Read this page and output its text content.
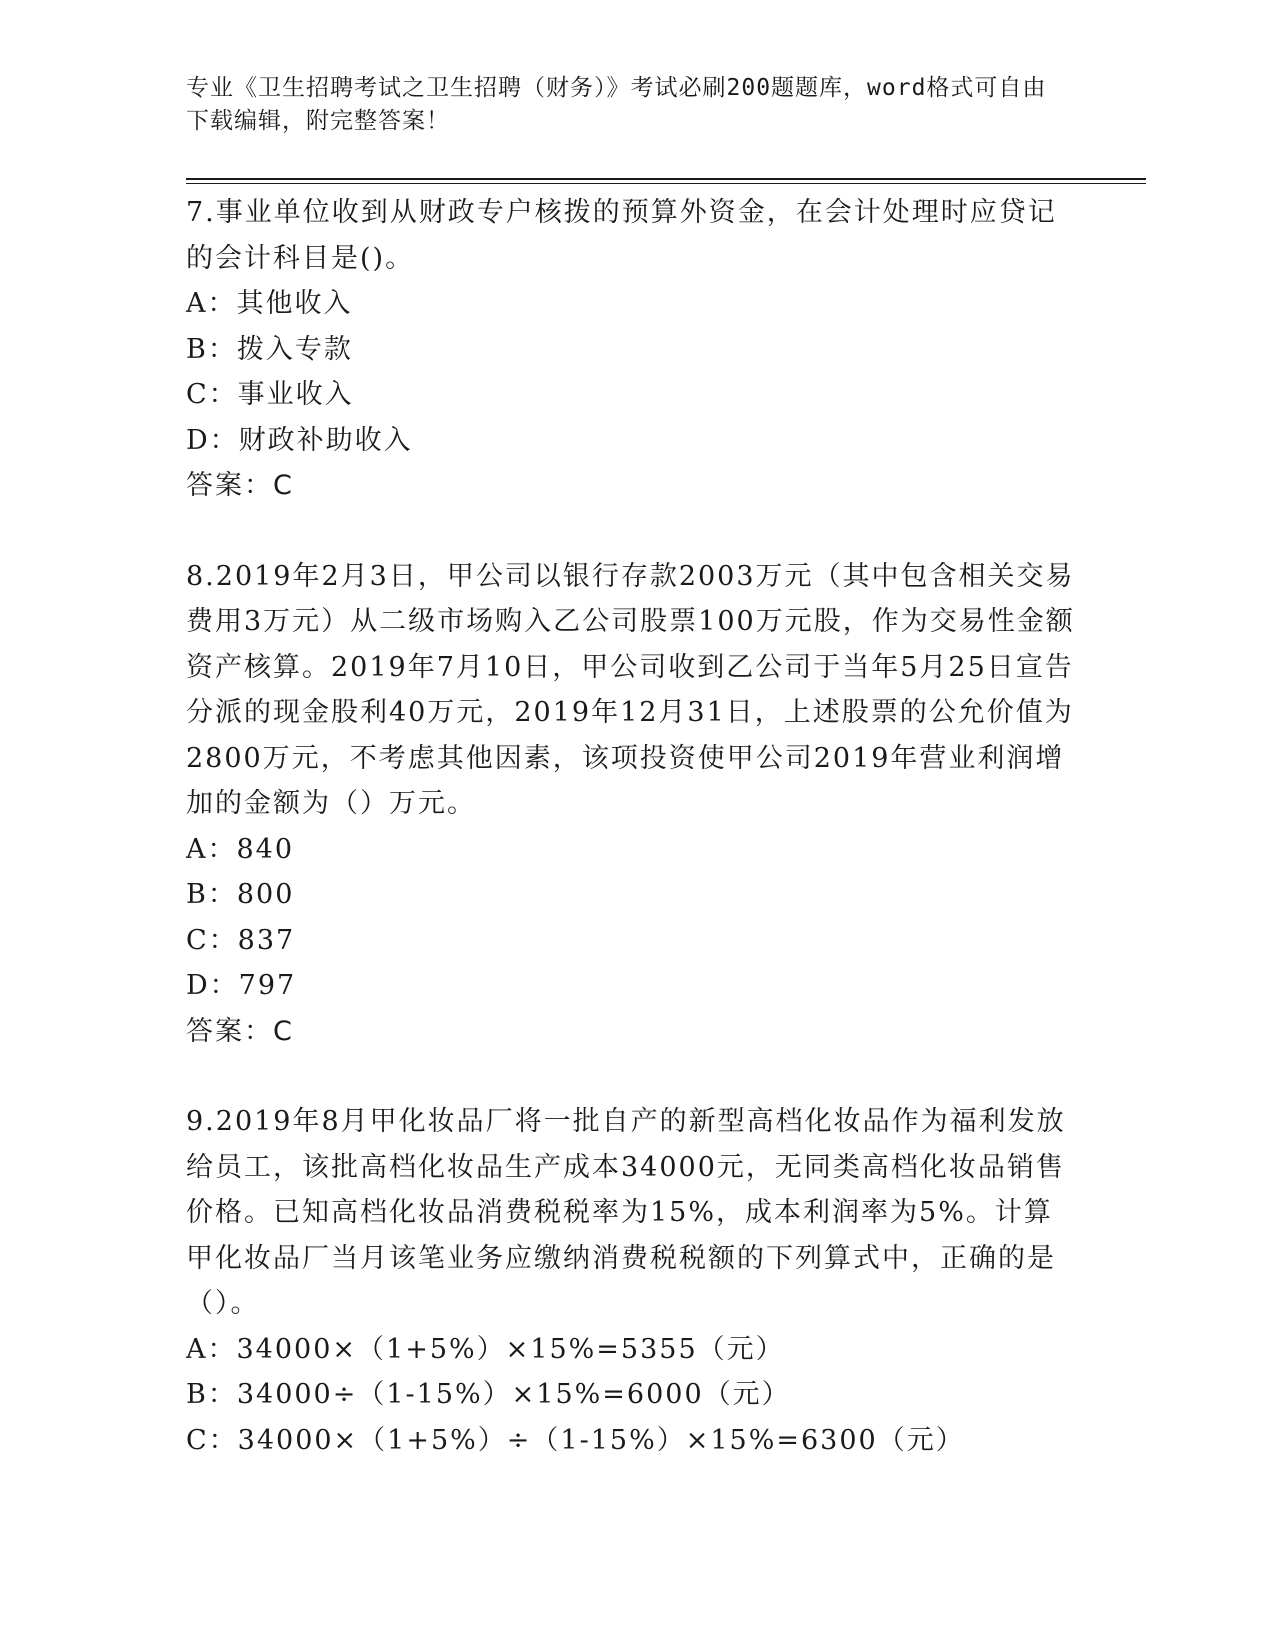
专业《卫生招聘考试之卫生招聘（财务）》考试必刷200题题库，word格式可自由下载编辑，附完整答案！

7.事业单位收到从财政专户核拨的预算外资金，在会计处理时应贷记的会计科目是()。

A：其他收入

B：拨入专款

C：事业收入

D：财政补助收入

答案：C

8.2019年2月3日，甲公司以银行存款2003万元（其中包含相关交易费用3万元）从二级市场购入乙公司股票100万元股，作为交易性金额资产核算。2019年7月10日，甲公司收到乙公司于当年5月25日宣告分派的现金股利40万元，2019年12月31日，上述股票的公允价值为2800万元，不考虑其他因素，该项投资使甲公司2019年营业利润增加的金额为（）万元。

A：840

B：800

C：837

D：797

答案：C

9.2019年8月甲化妆品厂将一批自产的新型高档化妆品作为福利发放给员工，该批高档化妆品生产成本34000元，无同类高档化妆品销售价格。已知高档化妆品消费税税率为15%，成本利润率为5%。计算甲化妆品厂当月该笔业务应缴纳消费税税额的下列算式中，正确的是（）。

A：34000×（1+5%）×15%=5355（元）

B：34000÷（1-15%）×15%=6000（元）

C：34000×（1+5%）÷（1-15%）×15%=6300（元）
